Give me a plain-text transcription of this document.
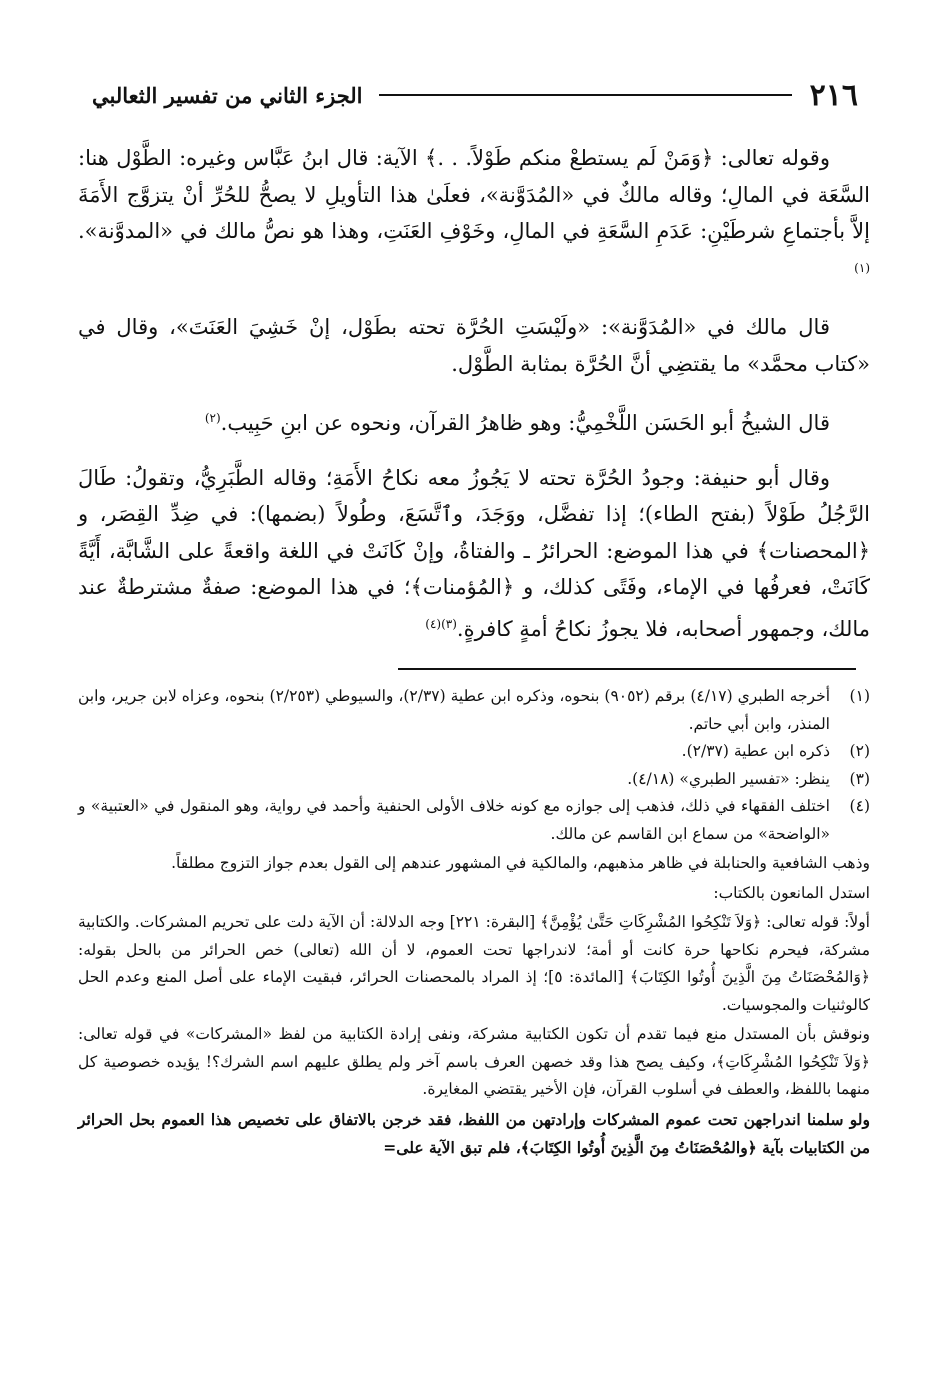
٢١٦
الجزء الثاني من تفسير الثعالبي

وقوله تعالى: ﴿وَمَنْ لَم يستطعْ منكم طَوْلاً. . .﴾ الآية: قال ابنُ عَبَّاس وغيره: الطَّوْل هنا: السَّعَة في المالِ؛ وقاله مالكٌ في «المُدَوَّنة»، فعلَىٰ هذا التأويلِ لا يصحُّ للحُرِّ أنْ يتزوَّج الأَمَةَ إلاَّ بأجتماعِ شرطَيْنِ: عَدَمِ السَّعَةِ في المالِ، وخَوْفِ العَنَتِ، وهذا هو نصُّ مالك في «المدوَّنة».$^{(١)}$

قال مالك في «المُدَوَّنة»: «ولَيْسَتِ الحُرَّة تحته بطَوْل، إنْ خَشِيَ العَنَتَ»، وقال في «كتاب محمَّد» ما يقتضِي أنَّ الحُرَّة بمثابة الطَّوْل.

قال الشيخُ أبو الحَسَن اللَّخْمِيُّ: وهو ظاهرُ القرآن، ونحوه عن ابنِ حَبِيب.$^{(٢)}$

وقال أبو حنيفة: وجودُ الحُرَّة تحته لا يَجُوزُ معه نكاحُ الأَمَةِ؛ وقاله الطَّبَرِيُّ، وتقولُ: طَالَ الرَّجُلُ طَوْلاً (بفتح الطاء)؛ إذا تفضَّل، ووَجَدَ، وٱتَّسَعَ، وطُولاً (بضمها): في ضِدِّ القِصَر، و ﴿المحصنات﴾ في هذا الموضع: الحرائرُ ـ والفتاةُ، وإنْ كَانَتْ في اللغة واقعةً على الشَّابَّة، أَيَّةً كَانَتْ، فعرفُها في الإماء، وفَتًى كذلك، و ﴿المُؤمنات﴾؛ في هذا الموضع: صفةٌ مشترطةٌ عند مالك، وجمهور أصحابه، فلا يجوزُ نكاحُ أمةٍ كافرةٍ.$^{(٣)(٤)}$

(١)
أخرجه الطبري (٤/١٧) برقم (٩٠٥٢) بنحوه، وذكره ابن عطية (٢/٣٧)، والسيوطي (٢/٢٥٣) بنحوه، وعزاه لابن جرير، وابن المنذر، وابن أبي حاتم.
(٢)
ذكره ابن عطية (٢/٣٧).
(٣)
ينظر: «تفسير الطبري» (٤/١٨).
(٤)
اختلف الفقهاء في ذلك، فذهب إلى جوازه مع كونه خلاف الأولى الحنفية وأحمد في رواية، وهو المنقول في «العتبية» و «الواضحة» من سماع ابن القاسم عن مالك.

وذهب الشافعية والحنابلة في ظاهر مذهبهم، والمالكية في المشهور عندهم إلى القول بعدم جواز التزوج مطلقاً.

استدل المانعون بالكتاب:

أولاً: قوله تعالى: ﴿وَلاَ تَنْكِحُوا المُشْرِكَاتِ حَتَّىٰ يُؤْمِنَّ﴾ [البقرة: ٢٢١] وجه الدلالة: أن الآية دلت على تحريم المشركات. والكتابية مشركة، فيحرم نكاحها حرة كانت أو أمة؛ لاندراجها تحت العموم، لا أن الله (تعالى) خص الحرائر من بالحل بقوله: ﴿وَالمُحْصَنَاتُ مِنَ الَّذِينَ أُوتُوا الكِتَابَ﴾ [المائدة: ٥]؛ إذ المراد بالمحصنات الحرائر، فبقيت الإماء على أصل المنع وعدم الحل كالوثنيات والمجوسيات.

ونوقش بأن المستدل منع فيما تقدم أن تكون الكتابية مشركة، ونفى إرادة الكتابية من لفظ «المشركات» في قوله تعالى: ﴿وَلاَ تَنْكِحُوا المُشْرِكَاتِ﴾، وكيف يصح هذا وقد خصهن العرف باسم آخر ولم يطلق عليهم اسم الشرك؟! يؤيده خصوصية كل منهما باللفظ، والعطف في أسلوب القرآن، فإن الأخير يقتضي المغايرة.

ولو سلمنا اندراجهن تحت عموم المشركات وإرادتهن من اللفظ، فقد خرجن بالاتفاق على تخصيص هذا العموم بحل الحرائر من الكتابيات بآية ﴿والمُحْصَنَاتُ مِنَ الَّذِينَ أُوتُوا الكِتَابَ﴾، فلم تبق الآية على=
